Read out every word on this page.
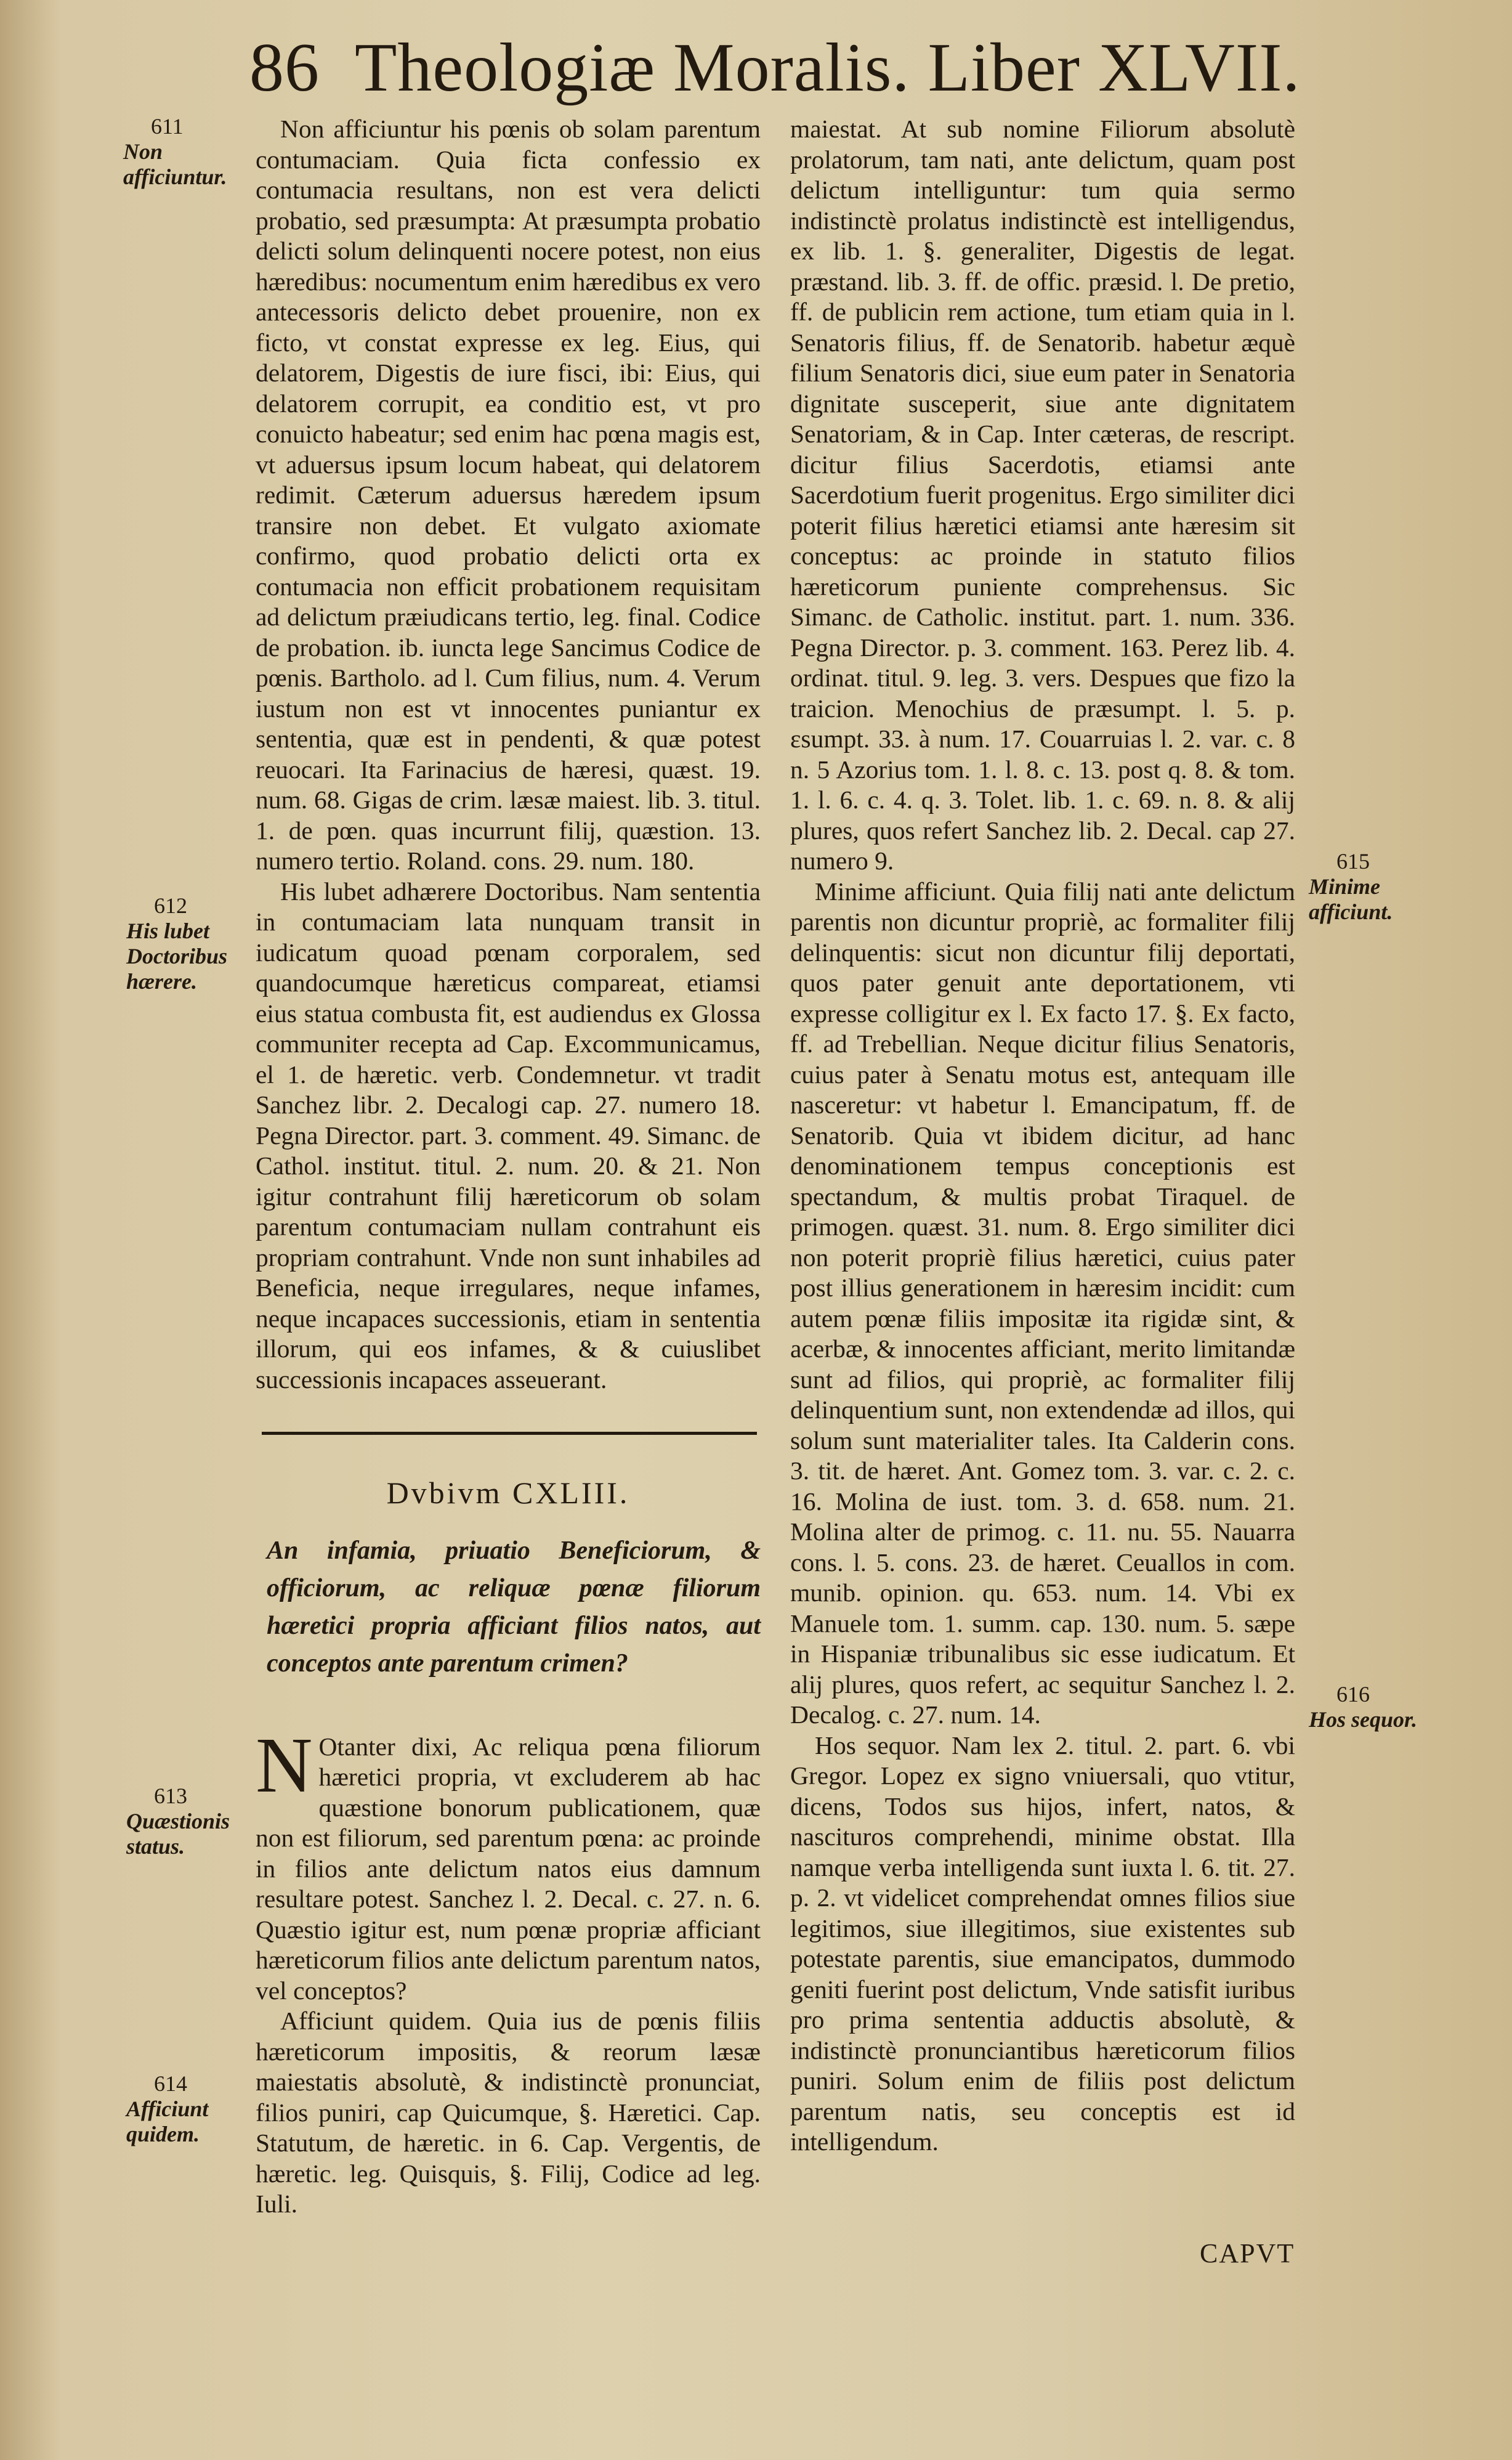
86 Theologiæ Moralis. Liber XLVII.
611
Non afficiuntur.
612
His lubet Doctoribus hærere.
613
Quæstionis status.
614
Afficiunt quidem.
615
Minime afficiunt.
616
Hos sequor.

Non afficiuntur his pœnis ob solam parentum contumaciam. Quia ficta confessio ex contumacia resultans, non est vera delicti probatio, sed præsumpta: At præsumpta probatio delicti solum delinquenti nocere potest, non eius hæredibus: nocumentum enim hæredibus ex vero antecessoris delicto debet prouenire, non ex ficto, vt constat expresse ex leg. Eius, qui delatorem, Digestis de iure fisci, ibi: Eius, qui delatorem corrupit, ea conditio est, vt pro conuicto habeatur; sed enim hac pœna magis est, vt aduersus ipsum locum habeat, qui delatorem redimit. Cæterum aduersus hæredem ipsum transire non debet. Et vulgato axiomate confirmo, quod probatio delicti orta ex contumacia non efficit probationem requisitam ad delictum præiudicans tertio, leg. final. Codice de probation. ib. iuncta lege Sancimus Codice de pœnis. Bartholo. ad l. Cum filius, num. 4. Verum iustum non est vt innocentes puniantur ex sententia, quæ est in pendenti, & quæ potest reuocari. Ita Farinacius de hæresi, quæst. 19. num. 68. Gigas de crim. læsæ maiest. lib. 3. titul. 1. de pœn. quas incurrunt filij, quæstion. 13. numero tertio. Roland. cons. 29. num. 180.

His lubet adhærere Doctoribus. Nam sententia in contumaciam lata nunquam transit in iudicatum quoad pœnam corporalem, sed quandocumque hæreticus compareat, etiamsi eius statua combusta fit, est audiendus ex Glossa communiter recepta ad Cap. Excommunicamus, el 1. de hæretic. verb. Condemnetur. vt tradit Sanchez libr. 2. Decalogi cap. 27. numero 18. Pegna Director. part. 3. comment. 49. Simanc. de Cathol. institut. titul. 2. num. 20. & 21. Non igitur contrahunt filij hæreticorum ob solam parentum contumaciam nullam contrahunt eis propriam contrahunt. Vnde non sunt inhabiles ad Beneficia, neque irregulares, neque infames, neque incapaces successionis, etiam in sententia illorum, qui eos infames, & & cuiuslibet successionis incapaces asseuerant.

Dvbivm CXLIII.
An infamia, priuatio Beneficiorum, & officiorum, ac reliquæ pœnæ filiorum hæretici propria afficiant filios natos, aut conceptos ante parentum crimen?

N Otanter dixi, Ac reliqua pœna filiorum hæretici propria, vt excluderem ab hac quæstione bonorum publicationem, quæ non est filiorum, sed parentum pœna: ac proinde in filios ante delictum natos eius damnum resultare potest. Sanchez l. 2. Decal. c. 27. n. 6. Quæstio igitur est, num pœnæ propriæ afficiant hæreticorum filios ante delictum parentum natos, vel conceptos?

Afficiunt quidem. Quia ius de pœnis filiis hæreticorum impositis, & reorum læsæ maiestatis absolutè, & indistinctè pronunciat, filios puniri, cap Quicumque, §. Hæretici. Cap. Statutum, de hæretic. in 6. Cap. Vergentis, de hæretic. leg. Quisquis, §. Filij, Codice ad leg. Iuli.

maiestat. At sub nomine Filiorum absolutè prolatorum, tam nati, ante delictum, quam post delictum intelliguntur: tum quia sermo indistinctè prolatus indistinctè est intelligendus, ex lib. 1. §. generaliter, Digestis de legat. præstand. lib. 3. ff. de offic. præsid. l. De pretio, ff. de publicin rem actione, tum etiam quia in l. Senatoris filius, ff. de Senatorib. habetur æquè filium Senatoris dici, siue eum pater in Senatoria dignitate susceperit, siue ante dignitatem Senatoriam, & in Cap. Inter cæteras, de rescript. dicitur filius Sacerdotis, etiamsi ante Sacerdotium fuerit progenitus. Ergo similiter dici poterit filius hæretici etiamsi ante hæresim sit conceptus: ac proinde in statuto filios hæreticorum puniente comprehensus. Sic Simanc. de Catholic. institut. part. 1. num. 336. Pegna Director. p. 3. comment. 163. Perez lib. 4. ordinat. titul. 9. leg. 3. vers. Despues que fizo la traicion. Menochius de præsumpt. l. 5. p. ɛsumpt. 33. à num. 17. Couarruias l. 2. var. c. 8 n. 5 Azorius tom. 1. l. 8. c. 13. post q. 8. & tom. 1. l. 6. c. 4. q. 3. Tolet. lib. 1. c. 69. n. 8. & alij plures, quos refert Sanchez lib. 2. Decal. cap 27. numero 9.

Minime afficiunt. Quia filij nati ante delictum parentis non dicuntur propriè, ac formaliter filij delinquentis: sicut non dicuntur filij deportati, quos pater genuit ante deportationem, vti expresse colligitur ex l. Ex facto 17. §. Ex facto, ff. ad Trebellian. Neque dicitur filius Senatoris, cuius pater à Senatu motus est, antequam ille nasceretur: vt habetur l. Emancipatum, ff. de Senatorib. Quia vt ibidem dicitur, ad hanc denominationem tempus conceptionis est spectandum, & multis probat Tiraquel. de primogen. quæst. 31. num. 8. Ergo similiter dici non poterit propriè filius hæretici, cuius pater post illius generationem in hæresim incidit: cum autem pœnæ filiis impositæ ita rigidæ sint, & acerbæ, & innocentes afficiant, merito limitandæ sunt ad filios, qui propriè, ac formaliter filij delinquentium sunt, non extendendæ ad illos, qui solum sunt materialiter tales. Ita Calderin cons. 3. tit. de hæret. Ant. Gomez tom. 3. var. c. 2. c. 16. Molina de iust. tom. 3. d. 658. num. 21. Molina alter de primog. c. 11. nu. 55. Nauarra cons. l. 5. cons. 23. de hæret. Ceuallos in com. munib. opinion. qu. 653. num. 14. Vbi ex Manuele tom. 1. summ. cap. 130. num. 5. sæpe in Hispaniæ tribunalibus sic esse iudicatum. Et alij plures, quos refert, ac sequitur Sanchez l. 2. Decalog. c. 27. num. 14.

Hos sequor. Nam lex 2. titul. 2. part. 6. vbi Gregor. Lopez ex signo vniuersali, quo vtitur, dicens, Todos sus hijos, infert, natos, & nascituros comprehendi, minime obstat. Illa namque verba intelligenda sunt iuxta l. 6. tit. 27. p. 2. vt videlicet comprehendat omnes filios siue legitimos, siue illegitimos, siue existentes sub potestate parentis, siue emancipatos, dummodo geniti fuerint post delictum, Vnde satisfit iuribus pro prima sententia adductis absolutè, & indistinctè pronunciantibus hæreticorum filios puniri. Solum enim de filiis post delictum parentum natis, seu conceptis est id intelligendum.

CAPVT
